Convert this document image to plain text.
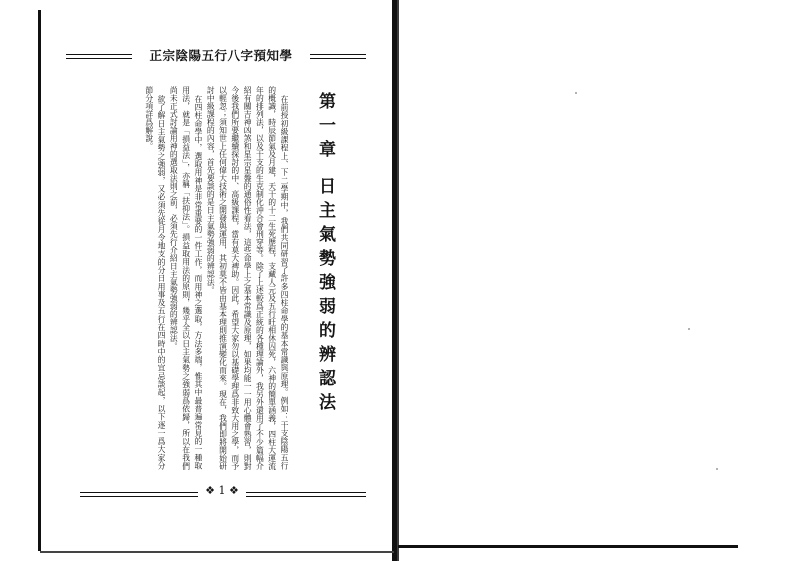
正宗陰陽五行八字預知學
第一章 日主氣勢強弱的辨認法

在前授初級課程上、下二學期中，我們共同研習了許多四柱命學的基本常識與原理。例如：干支陰陽五行的概識，時辰節氣及月建，天干的十二生死歷程，支藏人元及五行旺相休囚死，六神的簡單涵義，四柱大運流年的排列法，以及干支的生克制化沖合會刑穿等。除了上述較爲正統的各種理論外，我另外還用了不少篇幅介紹有關吉神凶煞和星宗星盤的通俗性看法，這些命學上之基本常識及原理，如果均能一一用心體會熟習，則對今後我們所要繼續探討的中、高級課程，當有莫大裨助。因此，希望大家勿以基礎學理爲非致大用之學，而予以輕忽；須知世上任何偉大技術之開發與運用，其初莫不皆由基本理則推演變化而來。現在，我們即將開始研討中級課程的內容，首先要談的是日主氣勢強弱的辨認法。

在四柱命學中，選取用神是非常重要的一件工作，而用神之選取，方法多端，惟其中最普遍常見的一種取用法，就是「損益法」，亦稱「扶抑法」。損益取用法的原則，幾乎全以日主氣勢之強弱爲依歸，所以在我們尚未正式討論用神的選取法則之前，必須先行介紹日主氣勢強弱的辨認法。

欲了解日主氣勢之強弱，又必須先從月令地支的分日用事及五行在四時中的宜忌談起，以下逐一爲大家分節分項詳爲解說。

❖ 1 ❖
